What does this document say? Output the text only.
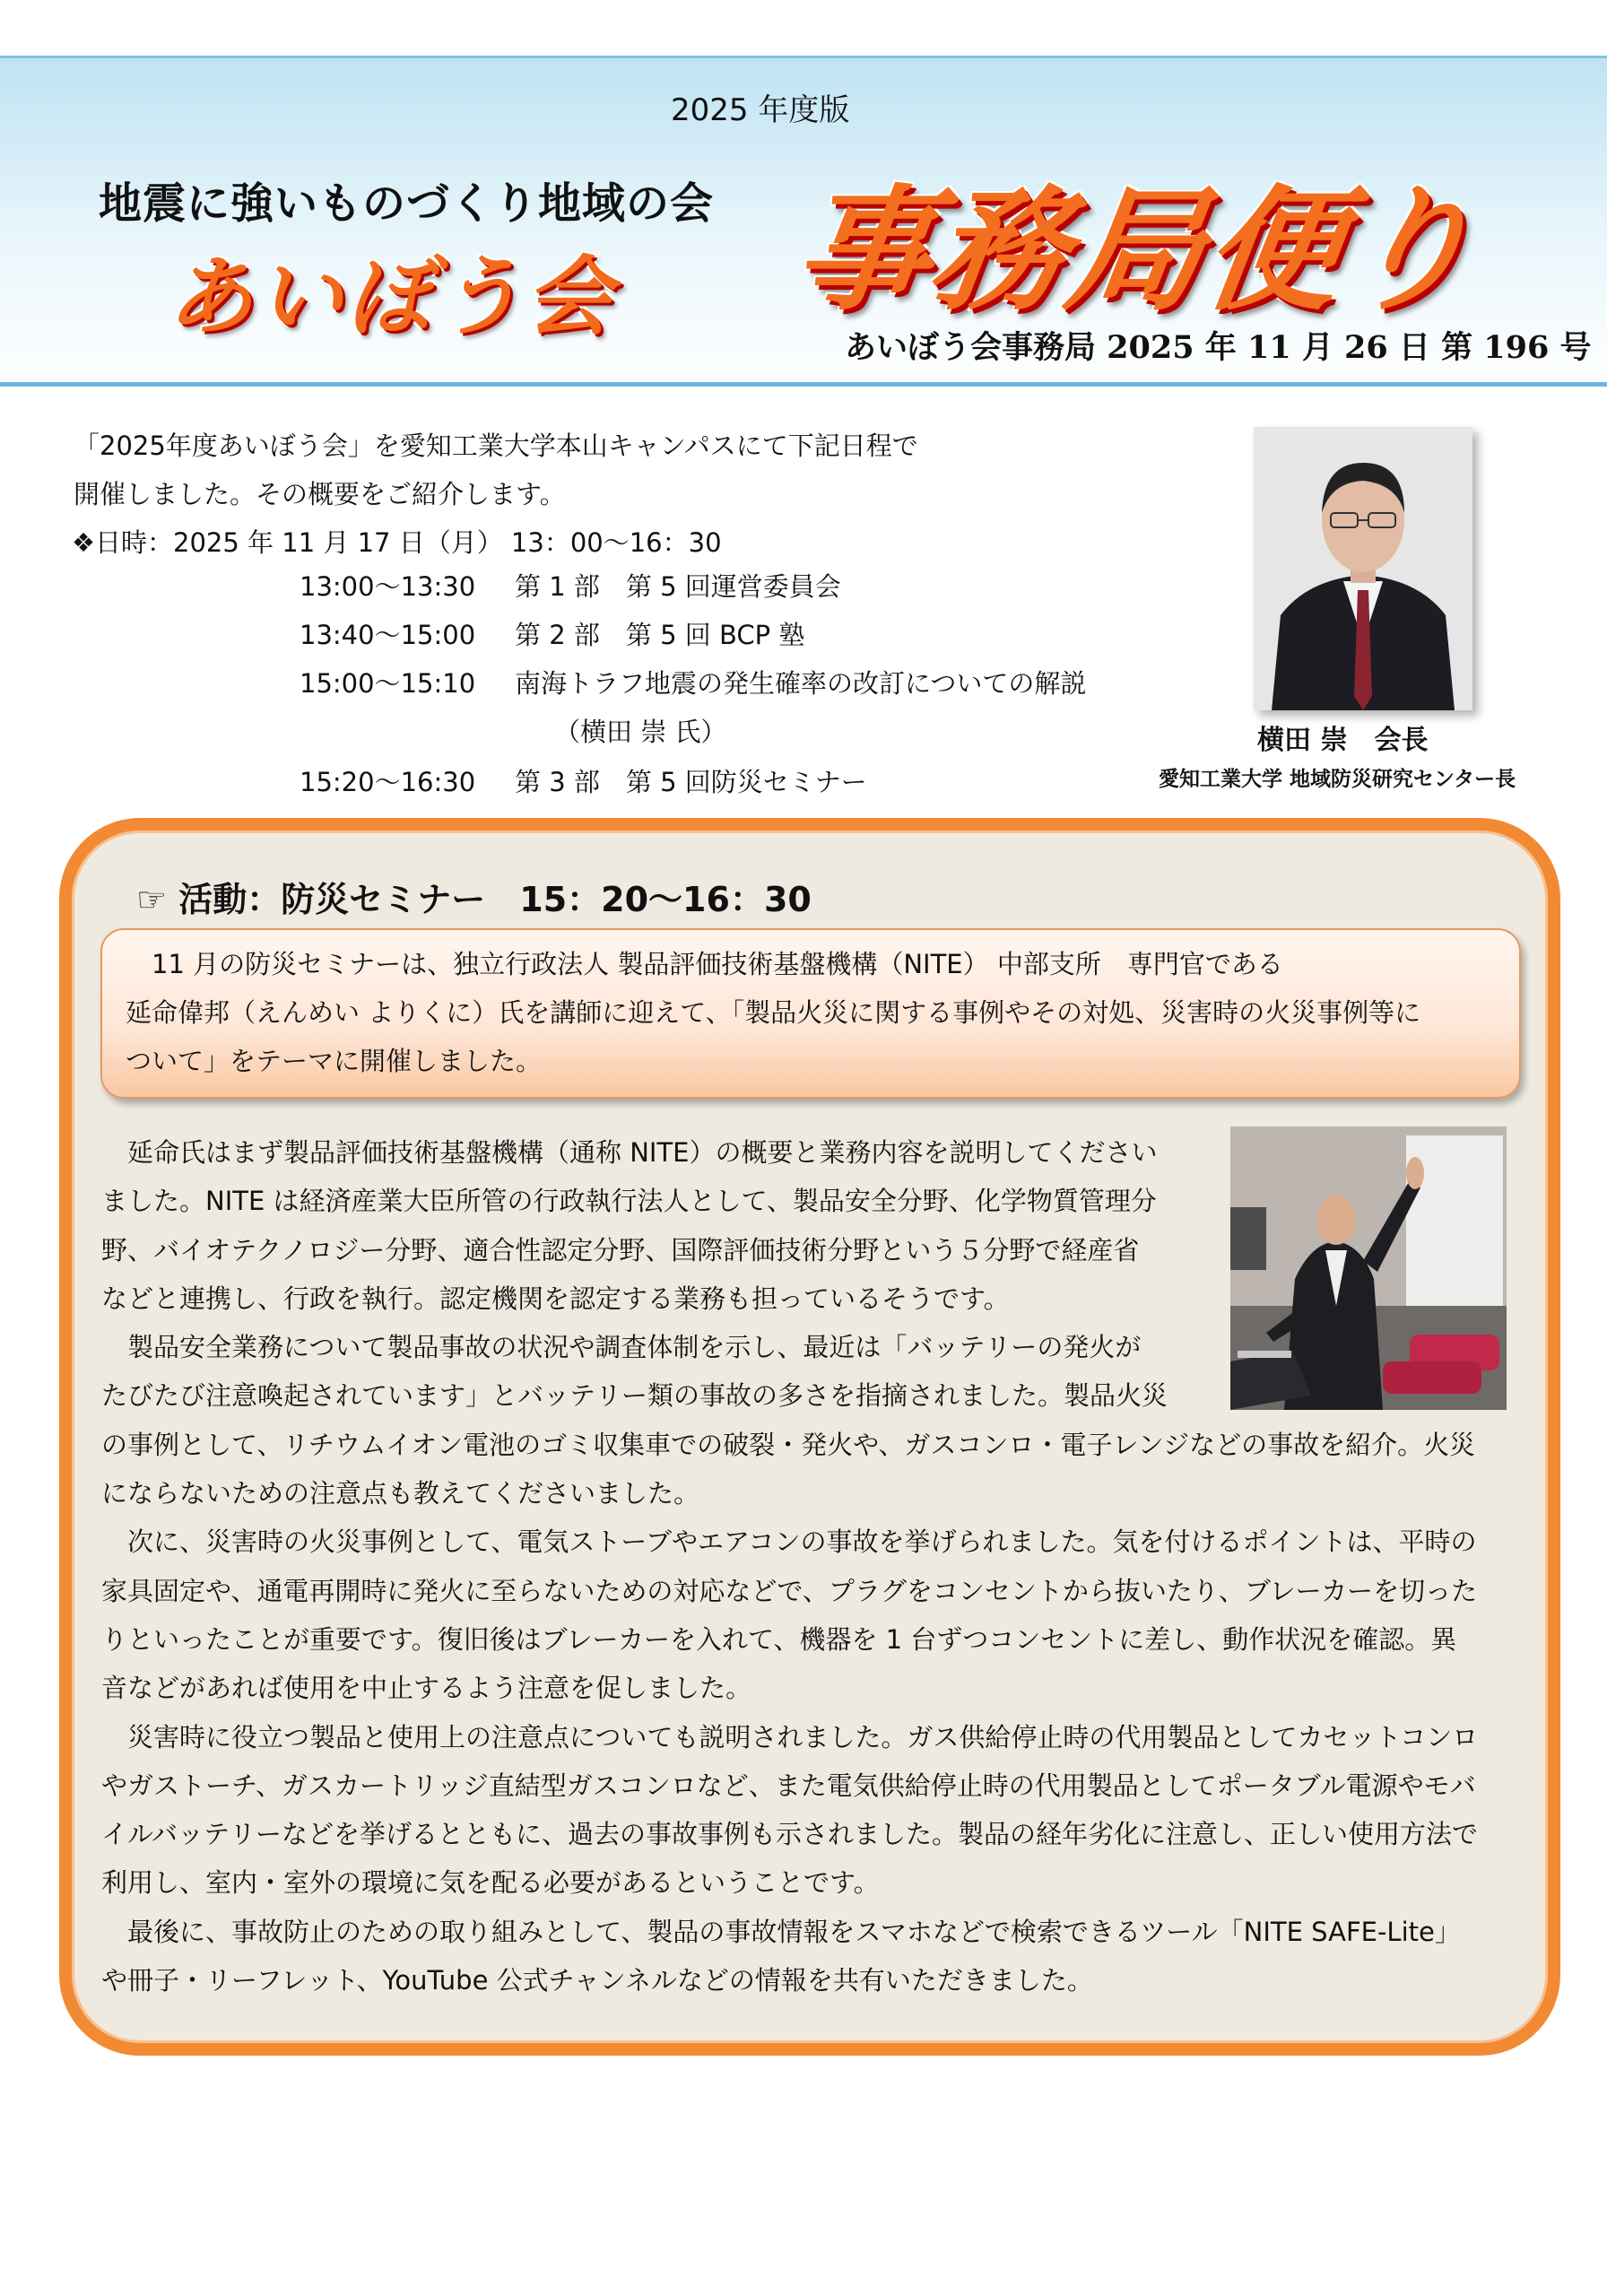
2025 年度版
地震に強いものづくり地域の会
あいぼう会 事務局便り
あいぼう会事務局 2025 年 11 月 26 日 第 196 号

「2025年度あいぼう会」を愛知工業大学本山キャンパスにて下記日程で

開催しました。その概要をご紹介します。

❖日時：2025 年 11 月 17 日（月） 13：00～16：30

13:00～13:30 第 1 部　第 5 回運営委員会
13:40～15:00 第 2 部　第 5 回 BCP 塾
15:00～15:10 南海トラフ地震の発生確率の改訂についての解説
（横田 崇 氏）
15:20～16:30 第 3 部　第 5 回防災セミナー
横田 崇　会長
愛知工業大学 地域防災研究センター長
☞ 活動：防災セミナー　15：20～16：30

　11 月の防災セミナーは、独立行政法人 製品評価技術基盤機構（NITE） 中部支所　専門官である

延命偉邦（えんめい よりくに）氏を講師に迎えて、「製品火災に関する事例やその対処、災害時の火災事例等に

ついて」をテーマに開催しました。

　延命氏はまず製品評価技術基盤機構（通称 NITE）の概要と業務内容を説明してください

ました。NITE は経済産業大臣所管の行政執行法人として、製品安全分野、化学物質管理分

野、バイオテクノロジー分野、適合性認定分野、国際評価技術分野という５分野で経産省

などと連携し、行政を執行。認定機関を認定する業務も担っているそうです。

　製品安全業務について製品事故の状況や調査体制を示し、最近は「バッテリーの発火が

たびたび注意喚起されています」とバッテリー類の事故の多さを指摘されました。製品火災

の事例として、リチウムイオン電池のゴミ収集車での破裂・発火や、ガスコンロ・電子レンジなどの事故を紹介。火災

にならないための注意点も教えてくださいました。

　次に、災害時の火災事例として、電気ストーブやエアコンの事故を挙げられました。気を付けるポイントは、平時の

家具固定や、通電再開時に発火に至らないための対応などで、プラグをコンセントから抜いたり、ブレーカーを切った

りといったことが重要です。復旧後はブレーカーを入れて、機器を 1 台ずつコンセントに差し、動作状況を確認。異

音などがあれば使用を中止するよう注意を促しました。

　災害時に役立つ製品と使用上の注意点についても説明されました。ガス供給停止時の代用製品としてカセットコンロ

やガストーチ、ガスカートリッジ直結型ガスコンロなど、また電気供給停止時の代用製品としてポータブル電源やモバ

イルバッテリーなどを挙げるとともに、過去の事故事例も示されました。製品の経年劣化に注意し、正しい使用方法で

利用し、室内・室外の環境に気を配る必要があるということです。

　最後に、事故防止のための取り組みとして、製品の事故情報をスマホなどで検索できるツール「NITE SAFE-Lite」

や冊子・リーフレット、YouTube 公式チャンネルなどの情報を共有いただきました。
